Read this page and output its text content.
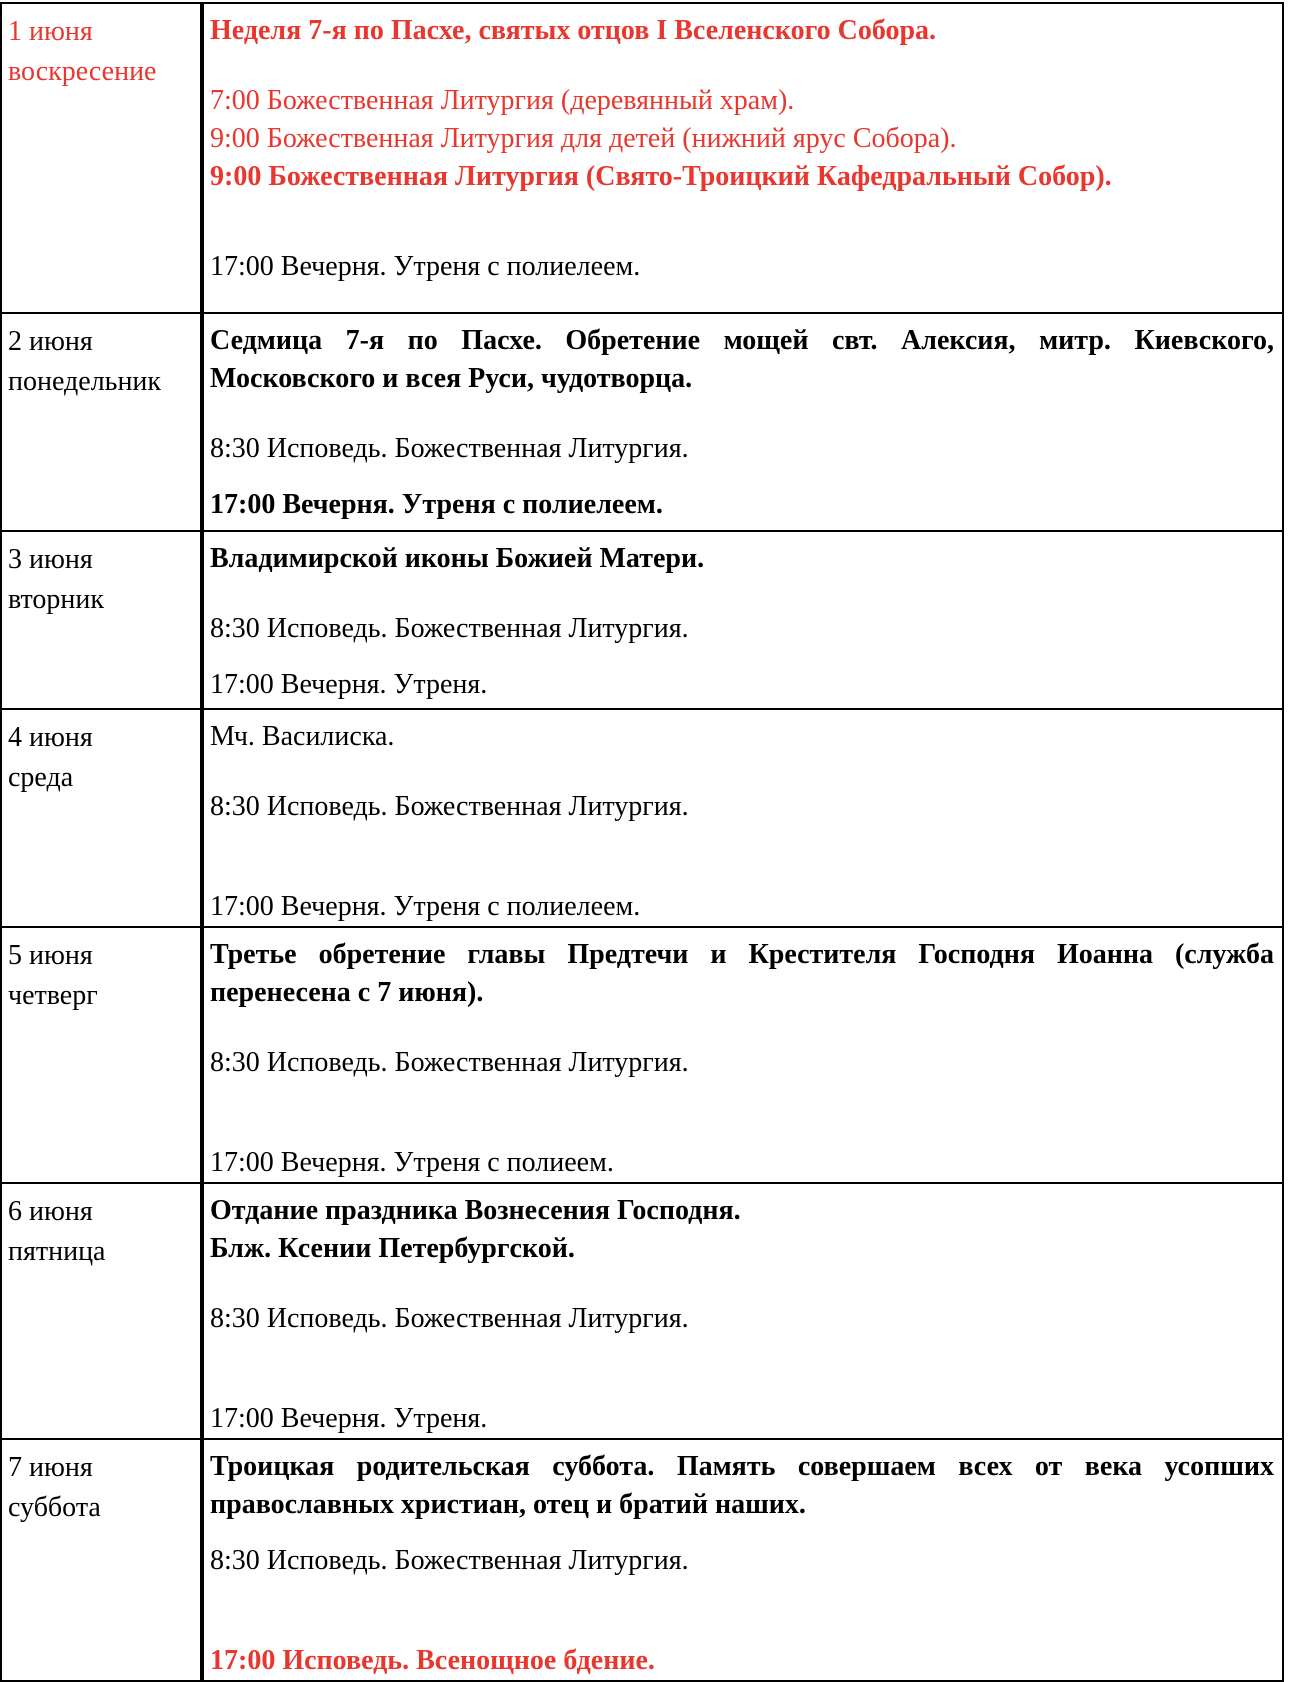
1 июня
воскресение	Неделя 7-я по Пасхе, святых отцов I Вселенского Собора.
7:00 Божественная Литургия (деревянный храм).
9:00 Божественная Литургия для детей (нижний ярус Собора).
9:00 Божественная Литургия (Свято-Троицкий Кафедральный Собор).
17:00 Вечерня. Утреня с полиелеем.

2 июня
понедельник	Седмица 7-я по Пасхе. Обретение мощей свт. Алексия, митр. Киевского, Московского и всея Руси, чудотворца.
8:30 Исповедь. Божественная Литургия.
17:00 Вечерня. Утреня с полиелеем.

3 июня
вторник	Владимирской иконы Божией Матери.
8:30 Исповедь. Божественная Литургия.
17:00 Вечерня. Утреня.

4 июня
среда	Мч. Василиска.
8:30 Исповедь. Божественная Литургия.
17:00 Вечерня. Утреня с полиелеем.

5 июня
четверг	Третье обретение главы Предтечи и Крестителя Господня Иоанна (служба перенесена с 7 июня).
8:30 Исповедь. Божественная Литургия.
17:00 Вечерня. Утреня с полиеем.

6 июня
пятница	Отдание праздника Вознесения Господня.
Блж. Ксении Петербургской.
8:30 Исповедь. Божественная Литургия.
17:00 Вечерня. Утреня.

7 июня
суббота	Троицкая родительская суббота. Память совершаем всех от века усопших православных христиан, отец и братий наших.
8:30 Исповедь. Божественная Литургия.
17:00 Исповедь. Всенощное бдение.
